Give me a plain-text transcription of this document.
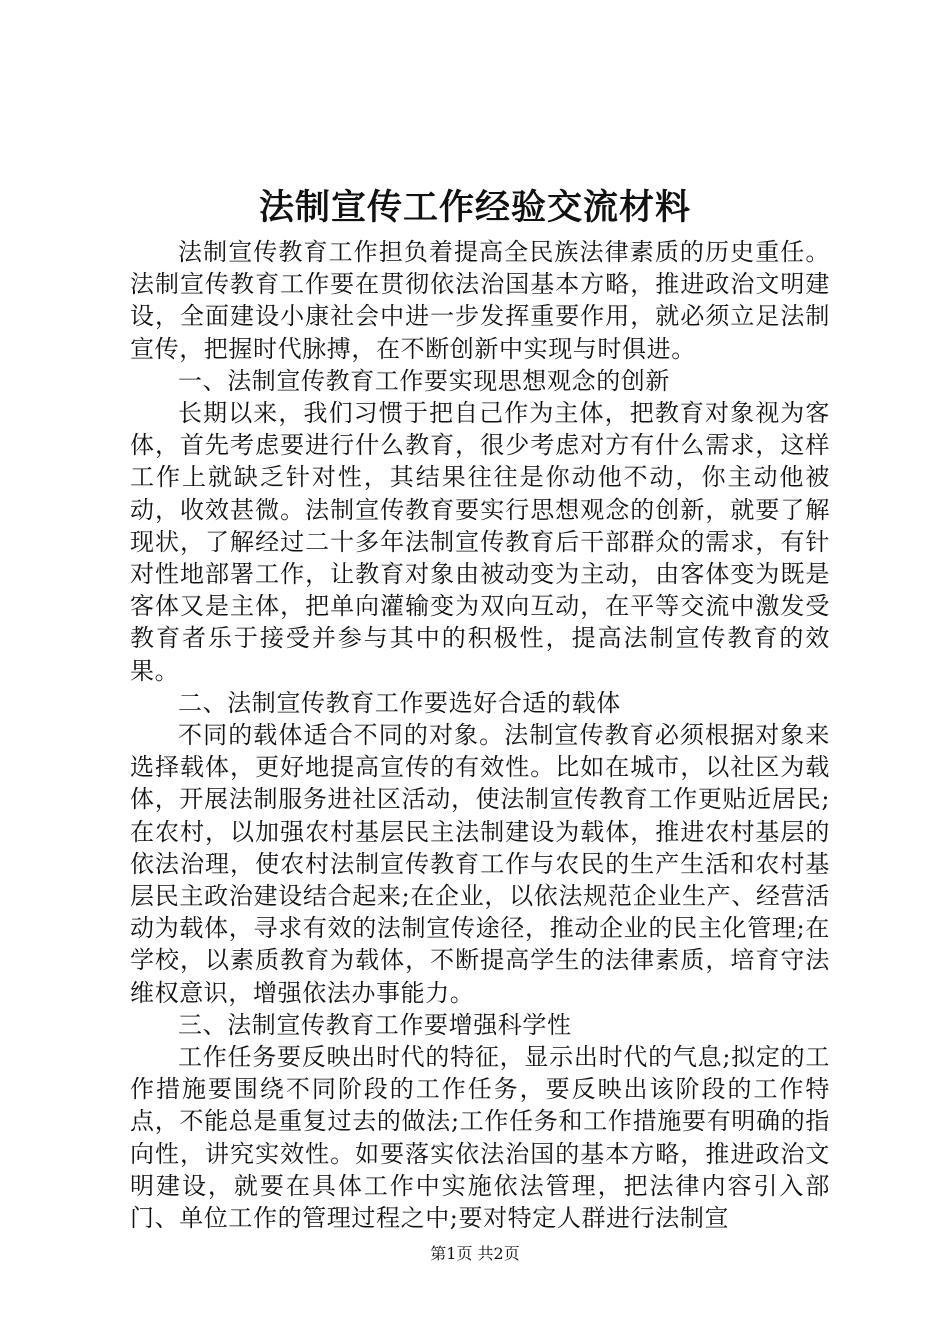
法制宣传工作经验交流材料

法制宣传教育工作担负着提高全民族法律素质的历史重任。法制宣传教育工作要在贯彻依法治国基本方略，推进政治文明建设，全面建设小康社会中进一步发挥重要作用，就必须立足法制宣传，把握时代脉搏，在不断创新中实现与时俱进。

一、法制宣传教育工作要实现思想观念的创新

长期以来，我们习惯于把自己作为主体，把教育对象视为客体，首先考虑要进行什么教育，很少考虑对方有什么需求，这样工作上就缺乏针对性，其结果往往是你动他不动，你主动他被动，收效甚微。法制宣传教育要实行思想观念的创新，就要了解现状，了解经过二十多年法制宣传教育后干部群众的需求，有针对性地部署工作，让教育对象由被动变为主动，由客体变为既是客体又是主体，把单向灌输变为双向互动，在平等交流中激发受教育者乐于接受并参与其中的积极性，提高法制宣传教育的效果。

二、法制宣传教育工作要选好合适的载体

不同的载体适合不同的对象。法制宣传教育必须根据对象来选择载体，更好地提高宣传的有效性。比如在城市，以社区为载体，开展法制服务进社区活动，使法制宣传教育工作更贴近居民;在农村，以加强农村基层民主法制建设为载体，推进农村基层的依法治理，使农村法制宣传教育工作与农民的生产生活和农村基层民主政治建设结合起来;在企业，以依法规范企业生产、经营活动为载体，寻求有效的法制宣传途径，推动企业的民主化管理;在学校，以素质教育为载体，不断提高学生的法律素质，培育守法维权意识，增强依法办事能力。

三、法制宣传教育工作要增强科学性

工作任务要反映出时代的特征，显示出时代的气息;拟定的工作措施要围绕不同阶段的工作任务，要反映出该阶段的工作特点，不能总是重复过去的做法;工作任务和工作措施要有明确的指向性，讲究实效性。如要落实依法治国的基本方略，推进政治文明建设，就要在具体工作中实施依法管理，把法律内容引入部门、单位工作的管理过程之中;要对特定人群进行法制宣

第1页 共2页
